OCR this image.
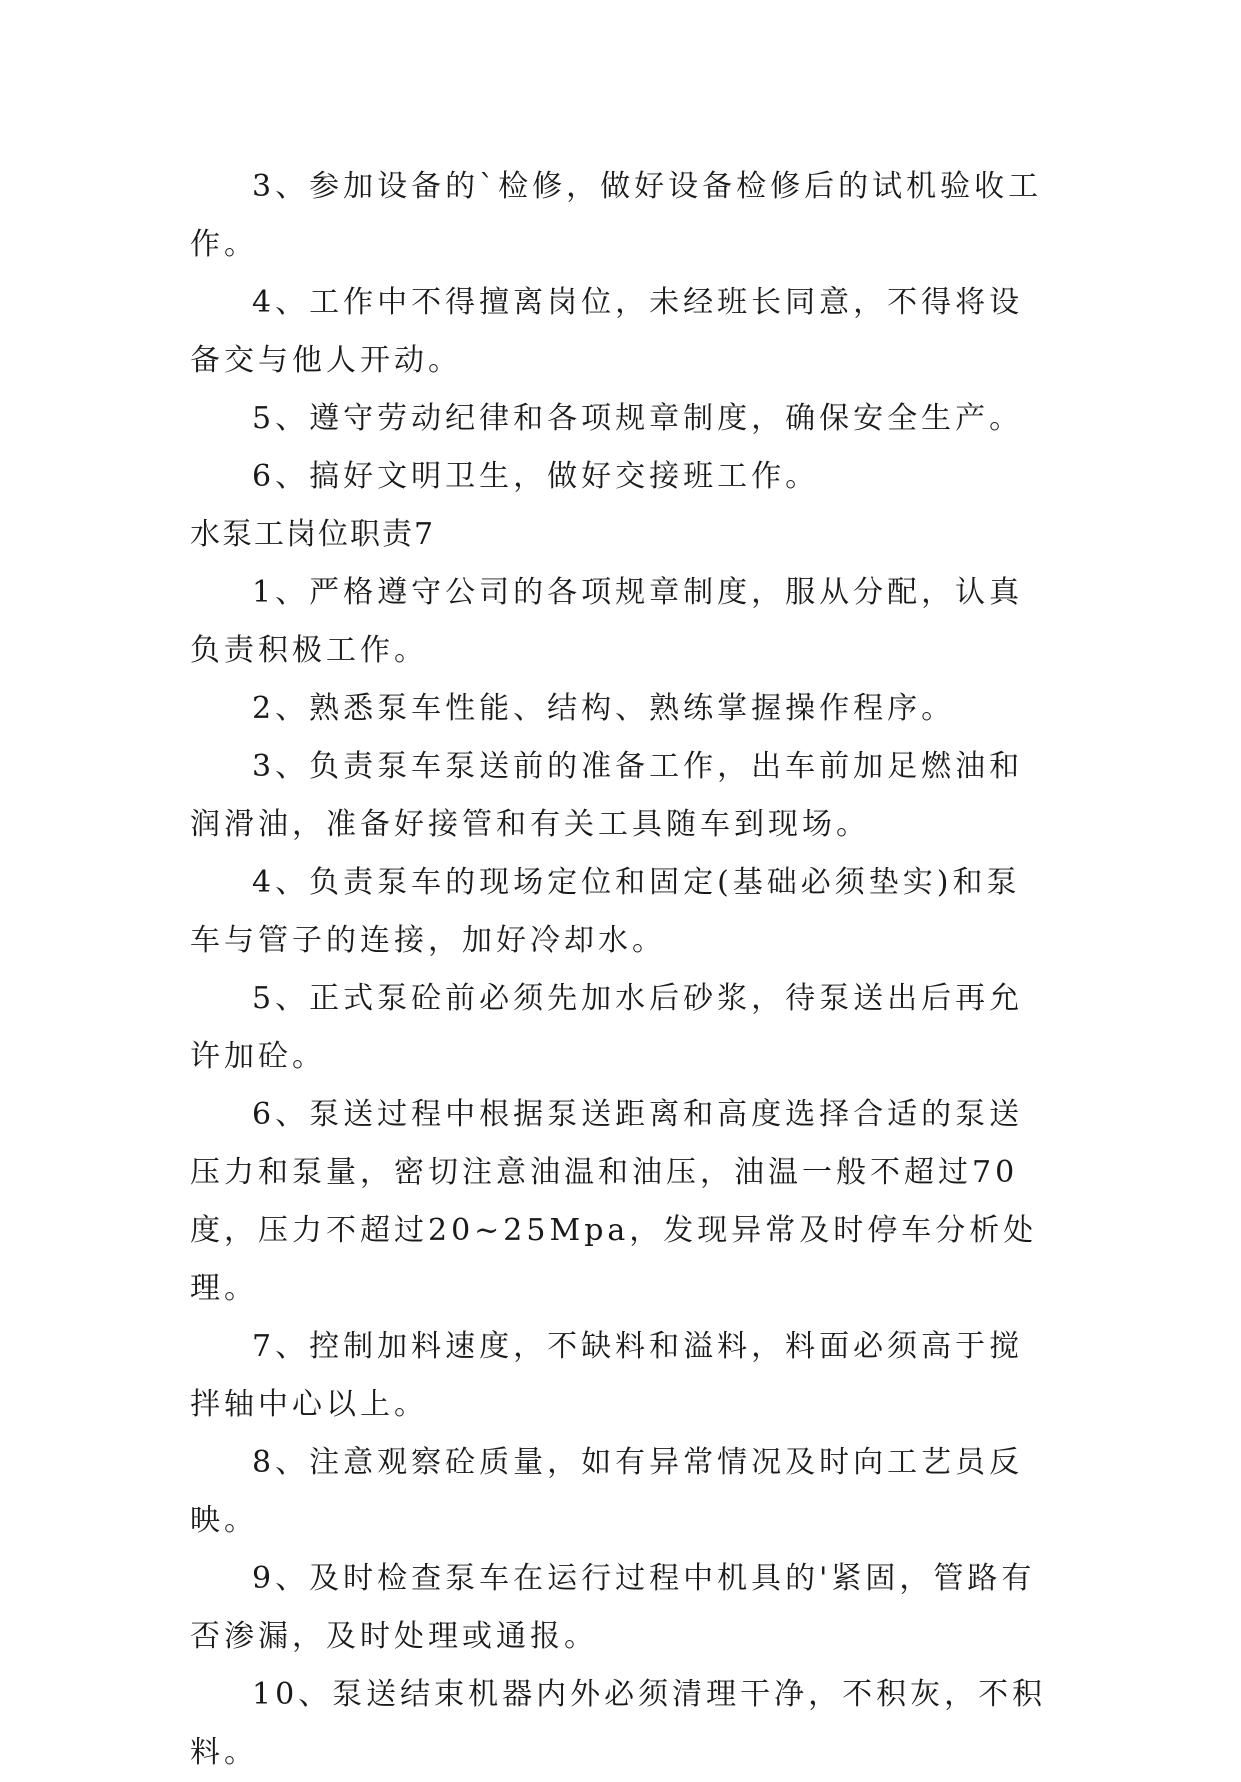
3、参加设备的`检修，做好设备检修后的试机验收工作。

4、工作中不得擅离岗位，未经班长同意，不得将设备交与他人开动。

5、遵守劳动纪律和各项规章制度，确保安全生产。

6、搞好文明卫生，做好交接班工作。

水泵工岗位职责7

1、严格遵守公司的各项规章制度，服从分配，认真负责积极工作。

2、熟悉泵车性能、结构、熟练掌握操作程序。

3、负责泵车泵送前的准备工作，出车前加足燃油和润滑油，准备好接管和有关工具随车到现场。

4、负责泵车的现场定位和固定(基础必须垫实)和泵车与管子的连接，加好冷却水。

5、正式泵砼前必须先加水后砂浆，待泵送出后再允许加砼。

6、泵送过程中根据泵送距离和高度选择合适的泵送压力和泵量，密切注意油温和油压，油温一般不超过70度，压力不超过20~25Mpa，发现异常及时停车分析处理。

7、控制加料速度，不缺料和溢料，料面必须高于搅拌轴中心以上。

8、注意观察砼质量，如有异常情况及时向工艺员反映。

9、及时检查泵车在运行过程中机具的'紧固，管路有否渗漏，及时处理或通报。

10、泵送结束机器内外必须清理干净，不积灰，不积料。
